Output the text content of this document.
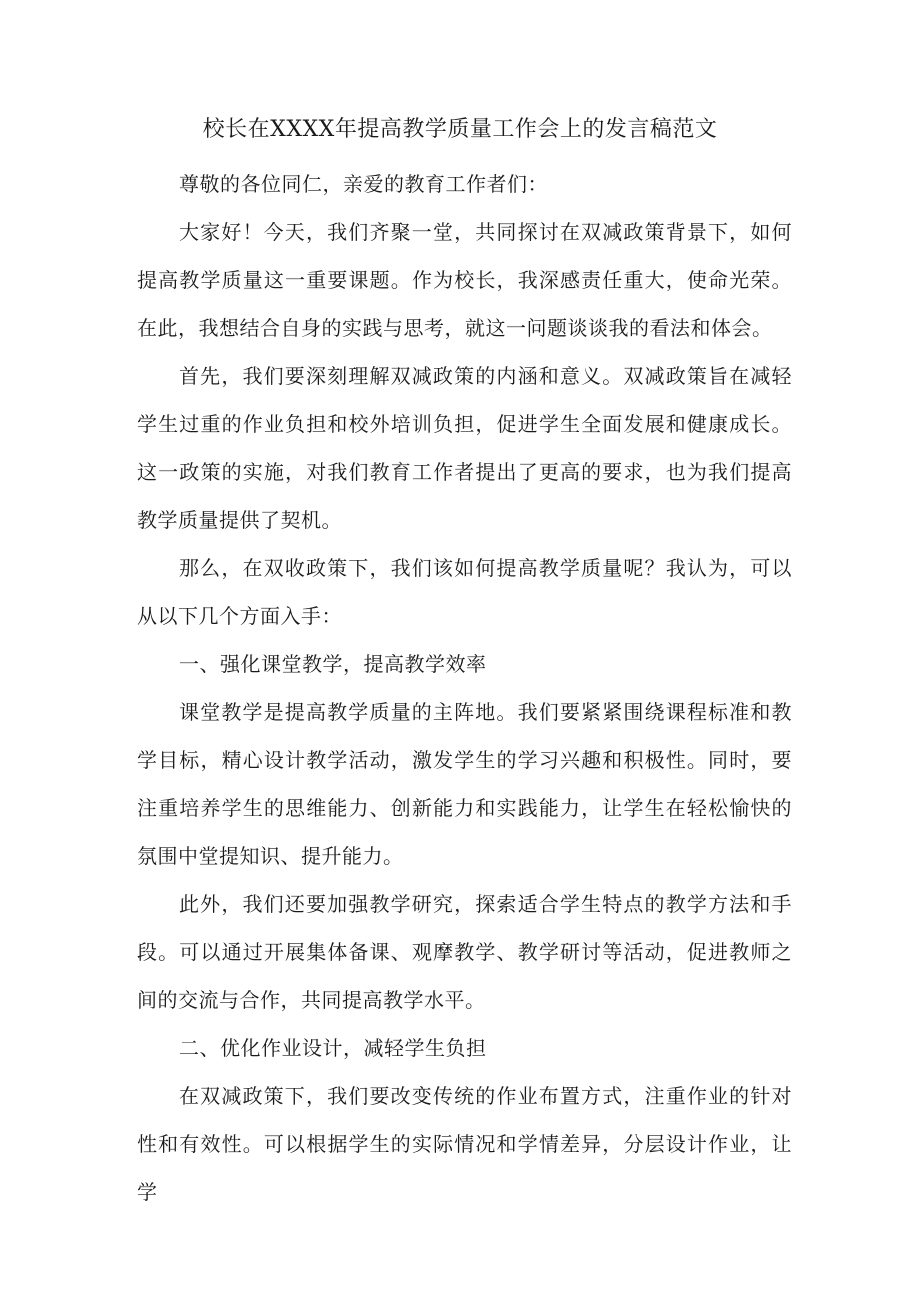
校长在XXXX年提高教学质量工作会上的发言稿范文

尊敬的各位同仁，亲爱的教育工作者们：

大家好！今天，我们齐聚一堂，共同探讨在双减政策背景下，如何提高教学质量这一重要课题。作为校长，我深感责任重大，使命光荣。在此，我想结合自身的实践与思考，就这一问题谈谈我的看法和体会。

首先，我们要深刻理解双减政策的内涵和意义。双减政策旨在减轻学生过重的作业负担和校外培训负担，促进学生全面发展和健康成长。这一政策的实施，对我们教育工作者提出了更高的要求，也为我们提高教学质量提供了契机。

那么，在双收政策下，我们该如何提高教学质量呢？我认为，可以从以下几个方面入手：

一、强化课堂教学，提高教学效率

课堂教学是提高教学质量的主阵地。我们要紧紧围绕课程标准和教学目标，精心设计教学活动，激发学生的学习兴趣和积极性。同时，要注重培养学生的思维能力、创新能力和实践能力，让学生在轻松愉快的氛围中堂提知识、提升能力。

此外，我们还要加强教学研究，探索适合学生特点的教学方法和手段。可以通过开展集体备课、观摩教学、教学研讨等活动，促进教师之间的交流与合作，共同提高教学水平。

二、优化作业设计，减轻学生负担

在双减政策下，我们要改变传统的作业布置方式，注重作业的针对性和有效性。可以根据学生的实际情况和学情差异，分层设计作业，让学
